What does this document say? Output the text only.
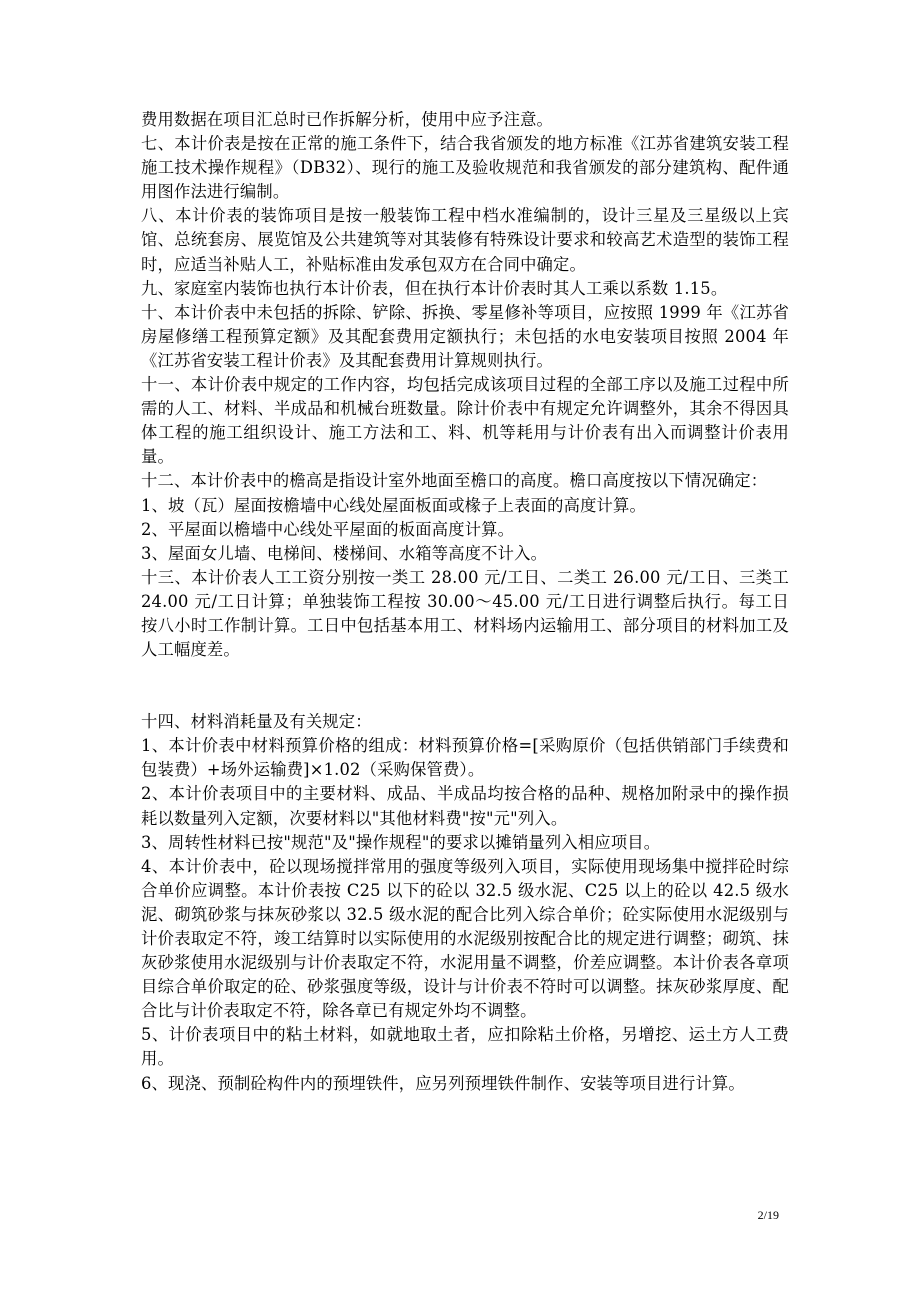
费用数据在项目汇总时已作拆解分析，使用中应予注意。

七、本计价表是按在正常的施工条件下，结合我省颁发的地方标准《江苏省建筑安装工程施工技术操作规程》（DB32）、现行的施工及验收规范和我省颁发的部分建筑构、配件通用图作法进行编制。

八、本计价表的装饰项目是按一般装饰工程中档水准编制的，设计三星及三星级以上宾馆、总统套房、展览馆及公共建筑等对其装修有特殊设计要求和较高艺术造型的装饰工程时，应适当补贴人工，补贴标准由发承包双方在合同中确定。

九、家庭室内装饰也执行本计价表，但在执行本计价表时其人工乘以系数 1.15。

十、本计价表中未包括的拆除、铲除、拆换、零星修补等项目，应按照 1999 年《江苏省房屋修缮工程预算定额》及其配套费用定额执行；未包括的水电安装项目按照 2004 年《江苏省安装工程计价表》及其配套费用计算规则执行。

十一、本计价表中规定的工作内容，均包括完成该项目过程的全部工序以及施工过程中所需的人工、材料、半成品和机械台班数量。除计价表中有规定允许调整外，其余不得因具体工程的施工组织设计、施工方法和工、料、机等耗用与计价表有出入而调整计价表用量。

十二、本计价表中的檐高是指设计室外地面至檐口的高度。檐口高度按以下情况确定：

1、坡（瓦）屋面按檐墙中心线处屋面板面或椽子上表面的高度计算。

2、平屋面以檐墙中心线处平屋面的板面高度计算。

3、屋面女儿墙、电梯间、楼梯间、水箱等高度不计入。

十三、本计价表人工工资分别按一类工 28.00 元/工日、二类工 26.00 元/工日、三类工 24.00 元/工日计算；单独装饰工程按 30.00～45.00 元/工日进行调整后执行。每工日按八小时工作制计算。工日中包括基本用工、材料场内运输用工、部分项目的材料加工及人工幅度差。

十四、材料消耗量及有关规定：

1、本计价表中材料预算价格的组成：材料预算价格=[采购原价（包括供销部门手续费和包装费）+场外运输费]×1.02（采购保管费）。

2、本计价表项目中的主要材料、成品、半成品均按合格的品种、规格加附录中的操作损耗以数量列入定额，次要材料以"其他材料费"按"元"列入。

3、周转性材料已按"规范"及"操作规程"的要求以摊销量列入相应项目。

4、本计价表中，砼以现场搅拌常用的强度等级列入项目，实际使用现场集中搅拌砼时综合单价应调整。本计价表按 C25 以下的砼以 32.5 级水泥、C25 以上的砼以 42.5 级水泥、砌筑砂浆与抹灰砂浆以 32.5 级水泥的配合比列入综合单价；砼实际使用水泥级别与计价表取定不符，竣工结算时以实际使用的水泥级别按配合比的规定进行调整；砌筑、抹灰砂浆使用水泥级别与计价表取定不符，水泥用量不调整，价差应调整。本计价表各章项目综合单价取定的砼、砂浆强度等级，设计与计价表不符时可以调整。抹灰砂浆厚度、配合比与计价表取定不符，除各章已有规定外均不调整。

5、计价表项目中的粘土材料，如就地取土者，应扣除粘土价格，另增挖、运土方人工费用。

6、现浇、预制砼构件内的预埋铁件，应另列预埋铁件制作、安装等项目进行计算。

2/19
